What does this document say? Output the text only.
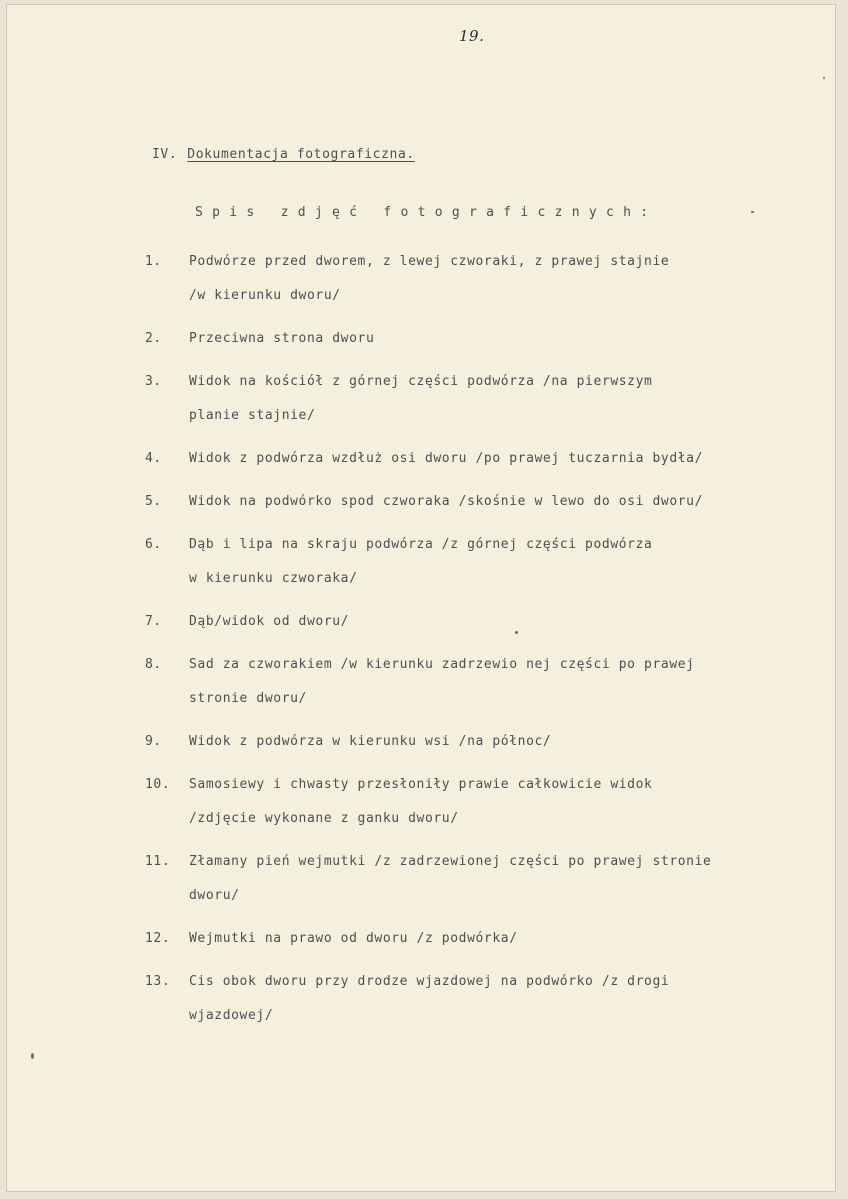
19.
IV. Dokumentacja fotograficzna.
Spis zdjęć fotograficznych:
1.	Podwórze przed dworem, z lewej czworaki, z prawej stajnie
/w kierunku dworu/
2.	Przeciwna strona dworu
3.	Widok na kościół z górnej części podwórza /na pierwszym
planie stajnie/
4.	Widok z podwórza wzdłuż osi dworu /po prawej tuczarnia bydła/
5.	Widok na podwórko spod czworaka /skośnie w lewo do osi dworu/
6.	Dąb i lipa na skraju podwórza /z górnej części podwórza
w kierunku czworaka/
7.	Dąb/widok od dworu/
8.	Sad za czworakiem /w kierunku zadrzewio nej części po prawej
stronie dworu/
9.	Widok z podwórza w kierunku wsi /na północ/
10.	Samosiewy i chwasty przesłoniły prawie całkowicie widok
/zdjęcie wykonane z ganku dworu/
11.	Złamany pień wejmutki /z zadrzewionej części po prawej stronie
dworu/
12.	Wejmutki na prawo od dworu /z podwórka/
13.	Cis obok dworu przy drodze wjazdowej na podwórko /z drogi
wjazdowej/
